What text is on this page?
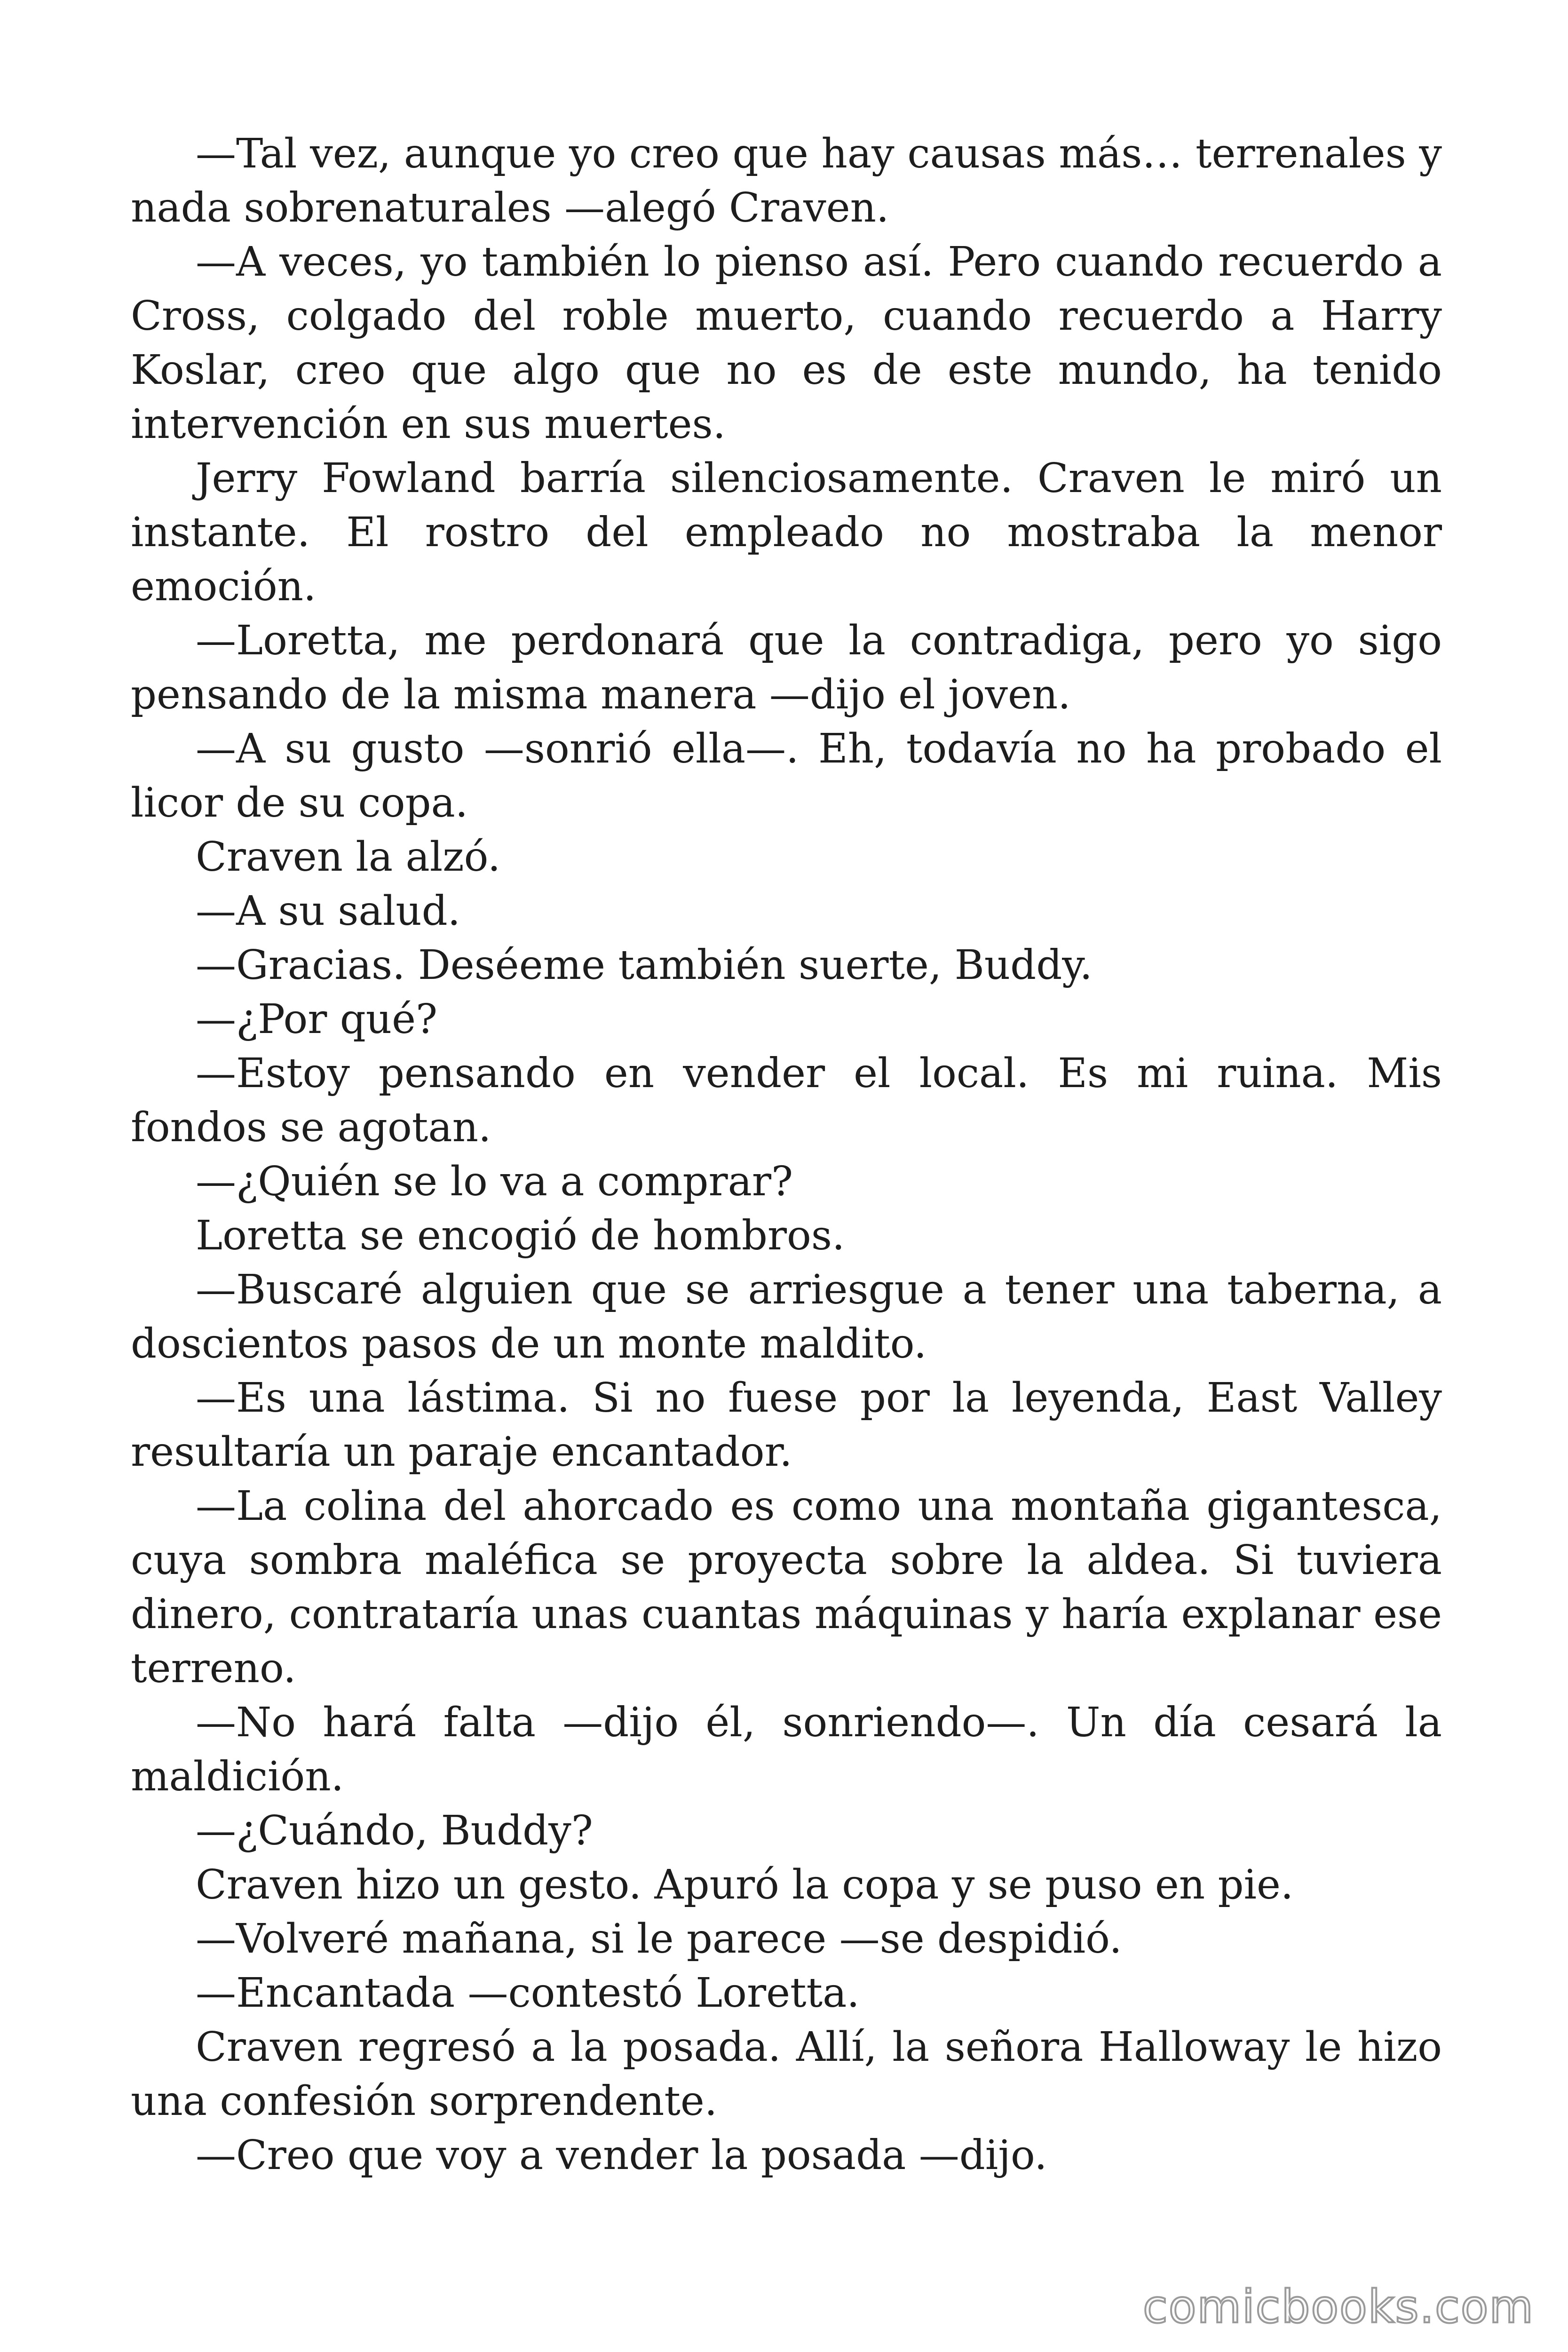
—Tal vez, aunque yo creo que hay causas más… terrenales y nada sobrenaturales —alegó Craven.

—A veces, yo también lo pienso así. Pero cuando recuerdo a Cross, colgado del roble muerto, cuando recuerdo a Harry Koslar, creo que algo que no es de este mundo, ha tenido intervención en sus muertes.

Jerry Fowland barría silenciosamente. Craven le miró un instante. El rostro del empleado no mostraba la menor emoción.

—Loretta, me perdonará que la contradiga, pero yo sigo pensando de la misma manera —dijo el joven.

—A su gusto —sonrió ella—. Eh, todavía no ha probado el licor de su copa.

Craven la alzó.

—A su salud.

—Gracias. Deséeme también suerte, Buddy.

—¿Por qué?

—Estoy pensando en vender el local. Es mi ruina. Mis fondos se agotan.

—¿Quién se lo va a comprar?

Loretta se encogió de hombros.

—Buscaré alguien que se arriesgue a tener una taberna, a doscientos pasos de un monte maldito.

—Es una lástima. Si no fuese por la leyenda, East Valley resultaría un paraje encantador.

—La colina del ahorcado es como una montaña gigantesca, cuya sombra maléfica se proyecta sobre la aldea. Si tuviera dinero, contrataría unas cuantas máquinas y haría explanar ese terreno.

—No hará falta —dijo él, sonriendo—. Un día cesará la maldición.

—¿Cuándo, Buddy?

Craven hizo un gesto. Apuró la copa y se puso en pie.

—Volveré mañana, si le parece —se despidió.

—Encantada —contestó Loretta.

Craven regresó a la posada. Allí, la señora Halloway le hizo una confesión sorprendente.

—Creo que voy a vender la posada —dijo.

comicbooks.com
